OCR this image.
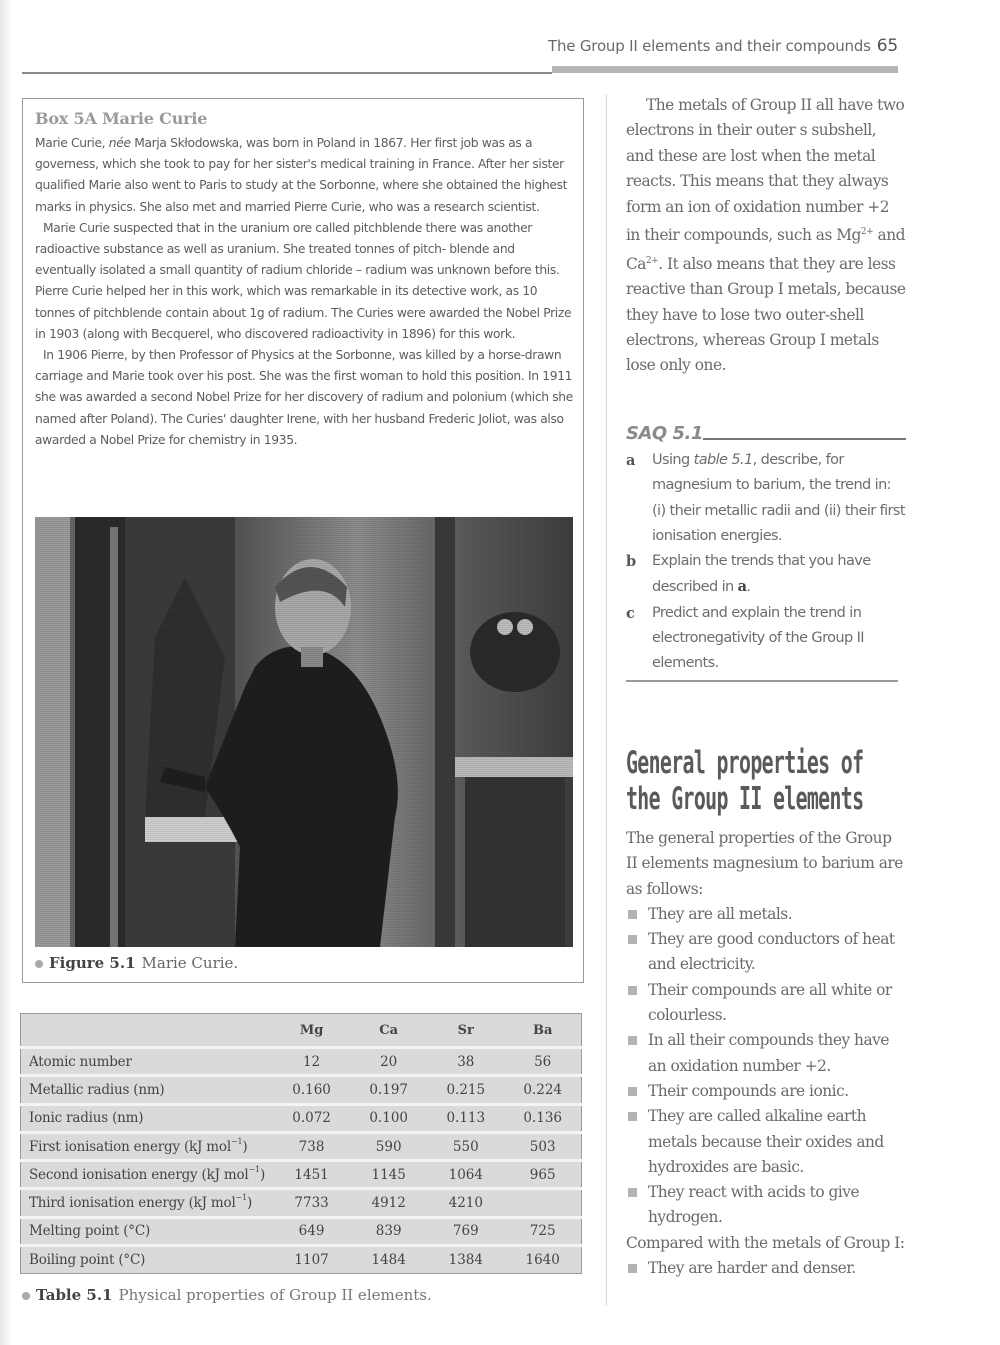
The Group II elements and their compounds 65
Box 5A Marie Curie

Marie Curie, née Marja Skłodowska, was born in Poland in 1867. Her first job was as a governess, which she took to pay for her sister's medical training in France. After her sister qualified Marie also went to Paris to study at the Sorbonne, where she obtained the highest marks in physics. She also met and married Pierre Curie, who was a research scientist.

Marie Curie suspected that in the uranium ore called pitchblende there was another radioactive substance as well as uranium. She treated tonnes of pitch- blende and eventually isolated a small quantity of radium chloride – radium was unknown before this. Pierre Curie helped her in this work, which was remarkable in its detective work, as 10 tonnes of pitchblende contain about 1g of radium. The Curies were awarded the Nobel Prize in 1903 (along with Becquerel, who discovered radioactivity in 1896) for this work.

In 1906 Pierre, by then Professor of Physics at the Sorbonne, was killed by a horse-drawn carriage and Marie took over his post. She was the first woman to hold this position. In 1911 she was awarded a second Nobel Prize for her discovery of radium and polonium (which she named after Poland). The Curies' daughter Irene, with her husband Frederic Joliot, was also awarded a Nobel Prize for chemistry in 1935.

Figure 5.1 Marie Curie.
	Mg	Ca	Sr	Ba
Atomic number	12	20	38	56
Metallic radius (nm)	0.160	0.197	0.215	0.224
Ionic radius (nm)	0.072	0.100	0.113	0.136
First ionisation energy (kJ mol$^{-1}$)	738	590	550	503
Second ionisation energy (kJ mol$^{-1}$)	1451	1145	1064	965
Third ionisation energy (kJ mol$^{-1}$)	7733	4912	4210	
Melting point (°C)	649	839	769	725
Boiling point (°C)	1107	1484	1384	1640
Table 5.1 Physical properties of Group II elements.

The metals of Group II all have two electrons in their outer s subshell, and these are lost when the metal reacts. This means that they always form an ion of oxidation number +2 in their compounds, such as $Mg^{2+}$ and $Ca^{2+}$. It also means that they are less reactive than Group I metals, because they have to lose two outer-shell electrons, whereas Group I metals lose only one.

SAQ 5.1
a	Using table 5.1, describe, for magnesium to barium, the trend in: (i) their metallic radii and (ii) their first ionisation energies.
b	Explain the trends that you have described in a.
c	Predict and explain the trend in electronegativity of the Group II elements.
General properties of
the Group II elements

The general properties of the Group II elements magnesium to barium are as follows:

They are all metals.
They are good conductors of heat and electricity.
Their compounds are all white or colourless.
In all their compounds they have an oxidation number +2.
Their compounds are ionic.
They are called alkaline earth metals because their oxides and hydroxides are basic.
They react with acids to give hydrogen.

Compared with the metals of Group I:

They are harder and denser.
